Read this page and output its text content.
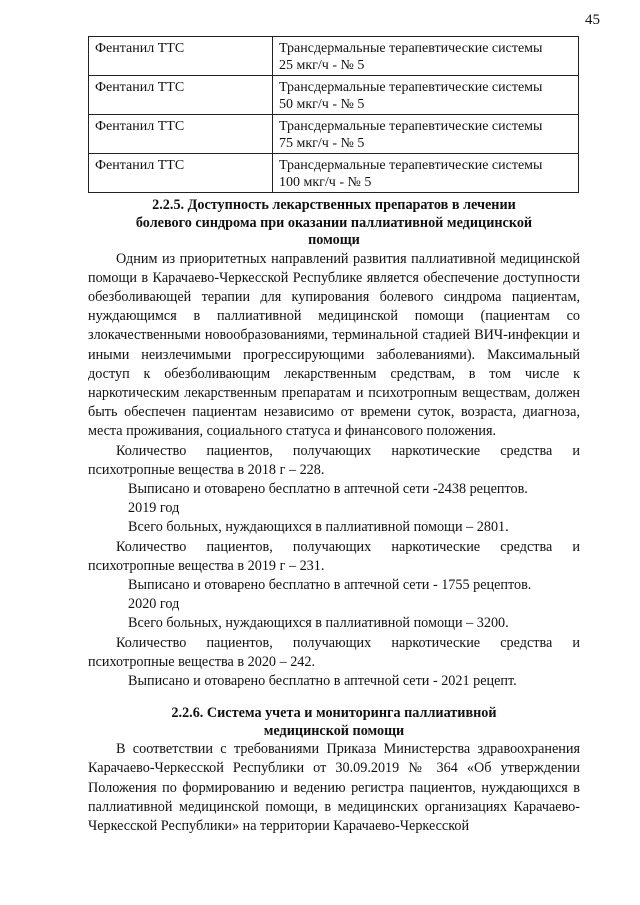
45
Фентанил ТТС	Трансдермальные терапевтические системы
25 мкг/ч - № 5

Фентанил ТТС	Трансдермальные терапевтические системы
50 мкг/ч - № 5

Фентанил ТТС	Трансдермальные терапевтические системы
75 мкг/ч - № 5

Фентанил ТТС	Трансдермальные терапевтические системы
100 мкг/ч - № 5
2.2.5. Доступность лекарственных препаратов в лечении
болевого синдрома при оказании паллиативной медицинской
помощи

Одним из приоритетных направлений развития паллиативной медицинской помощи в Карачаево-Черкесской Республике является обеспечение доступности обезболивающей терапии для купирования болевого синдрома пациентам, нуждающимся в паллиативной медицинской помощи (пациентам со злокачественными новообразованиями, терминальной стадией ВИЧ-инфекции и иными неизлечимыми прогрессирующими заболеваниями). Максимальный доступ к обезболивающим лекарственным средствам, в том числе к наркотическим лекарственным препаратам и психотропным веществам, должен быть обеспечен пациентам независимо от времени суток, возраста, диагноза, места проживания, социального статуса и финансового положения.

Количество пациентов, получающих наркотические средства и психотропные вещества в 2018 г – 228.

Выписано и отоварено бесплатно в аптечной сети -2438 рецептов.

2019 год

Всего больных, нуждающихся в паллиативной помощи – 2801.

Количество пациентов, получающих наркотические средства и психотропные вещества в 2019 г – 231.

Выписано и отоварено бесплатно в аптечной сети - 1755 рецептов.

2020 год

Всего больных, нуждающихся в паллиативной помощи – 3200.

Количество пациентов, получающих наркотические средства и психотропные вещества в 2020 – 242.

Выписано и отоварено бесплатно в аптечной сети - 2021 рецепт.

2.2.6. Система учета и мониторинга паллиативной
медицинской помощи

В соответствии с требованиями Приказа Министерства здравоохранения Карачаево-Черкесской Республики от 30.09.2019 № 364 «Об утверждении Положения по формированию и ведению регистра пациентов, нуждающихся в паллиативной медицинской помощи, в медицинских организациях Карачаево-Черкесской Республики» на территории Карачаево-Черкесской
